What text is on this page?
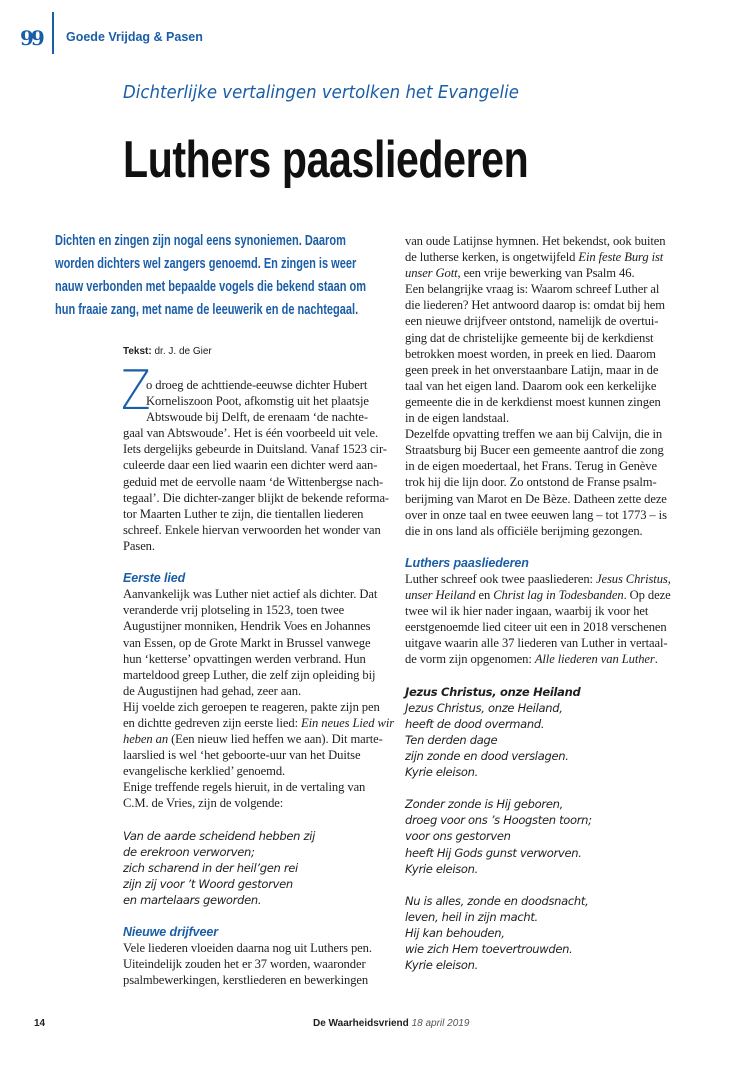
99 Goede Vrijdag & Pasen
Dichterlijke vertalingen vertolken het Evangelie
Luthers paasliederen
Dichten en zingen zijn nogal eens synoniemen. Daarom
worden dichters wel zangers genoemd. En zingen is weer
nauw verbonden met bepaalde vogels die bekend staan om
hun fraaie zang, met name de leeuwerik en de nachtegaal.
Tekst: dr. J. de Gier
Z
o droeg de achttiende-eeuwse dichter Hubert
Korneliszoon Poot, afkomstig uit het plaatsje
Abtswoude bij Delft, de erenaam ‘de nachte-
gaal van Abtswoude’. Het is één voorbeeld uit vele.
Iets dergelijks gebeurde in Duitsland. Vanaf 1523 cir-
culeerde daar een lied waarin een dichter werd aan-
geduid met de eervolle naam ‘de Wittenbergse nach-
tegaal’. Die dichter-zanger blijkt de bekende reforma-
tor Maarten Luther te zijn, die tientallen liederen
schreef. Enkele hiervan verwoorden het wonder van
Pasen.
Eerste lied
Aanvankelijk was Luther niet actief als dichter. Dat
veranderde vrij plotseling in 1523, toen twee
Augustijner monniken, Hendrik Voes en Johannes
van Essen, op de Grote Markt in Brussel vanwege
hun ‘ketterse’ opvattingen werden verbrand. Hun
marteldood greep Luther, die zelf zijn opleiding bij
de Augustijnen had gehad, zeer aan.
Hij voelde zich geroepen te reageren, pakte zijn pen
en dichtte gedreven zijn eerste lied: Ein neues Lied wir
heben an (Een nieuw lied heffen we aan). Dit marte-
laarslied is wel ‘het geboorte-uur van het Duitse
evangelische kerklied’ genoemd.
Enige treffende regels hieruit, in de vertaling van
C.M. de Vries, zijn de volgende:
Van de aarde scheidend hebben zij
de erekroon verworven;
zich scharend in der heil’gen rei
zijn zij voor ’t Woord gestorven
en martelaars geworden.
Nieuwe drijfveer
Vele liederen vloeiden daarna nog uit Luthers pen.
Uiteindelijk zouden het er 37 worden, waaronder
psalmbewerkingen, kerstliederen en bewerkingen
van oude Latijnse hymnen. Het bekendst, ook buiten
de lutherse kerken, is ongetwijfeld Ein feste Burg ist
unser Gott, een vrije bewerking van Psalm 46.
Een belangrijke vraag is: Waarom schreef Luther al
die liederen? Het antwoord daarop is: omdat bij hem
een nieuwe drijfveer ontstond, namelijk de overtui-
ging dat de christelijke gemeente bij de kerkdienst
betrokken moest worden, in preek en lied. Daarom
geen preek in het onverstaanbare Latijn, maar in de
taal van het eigen land. Daarom ook een kerkelijke
gemeente die in de kerkdienst moest kunnen zingen
in de eigen landstaal.
Dezelfde opvatting treffen we aan bij Calvijn, die in
Straatsburg bij Bucer een gemeente aantrof die zong
in de eigen moedertaal, het Frans. Terug in Genève
trok hij die lijn door. Zo ontstond de Franse psalm-
berijming van Marot en De Bèze. Datheen zette deze
over in onze taal en twee eeuwen lang – tot 1773 – is
die in ons land als officiële berijming gezongen.
Luthers paasliederen
Luther schreef ook twee paasliederen: Jesus Christus,
unser Heiland en Christ lag in Todesbanden. Op deze
twee wil ik hier nader ingaan, waarbij ik voor het
eerstgenoemde lied citeer uit een in 2018 verschenen
uitgave waarin alle 37 liederen van Luther in vertaal-
de vorm zijn opgenomen: Alle liederen van Luther.
Jezus Christus, onze Heiland
Jezus Christus, onze Heiland,
heeft de dood overmand.
Ten derden dage
zijn zonde en dood verslagen.
Kyrie eleison.
Zonder zonde is Hij geboren,
droeg voor ons ’s Hoogsten toorn;
voor ons gestorven
heeft Hij Gods gunst verworven.
Kyrie eleison.
Nu is alles, zonde en doodsnacht,
leven, heil in zijn macht.
Hij kan behouden,
wie zich Hem toevertrouwden.
Kyrie eleison.
14	De Waarheidsvriend 18 april 2019
